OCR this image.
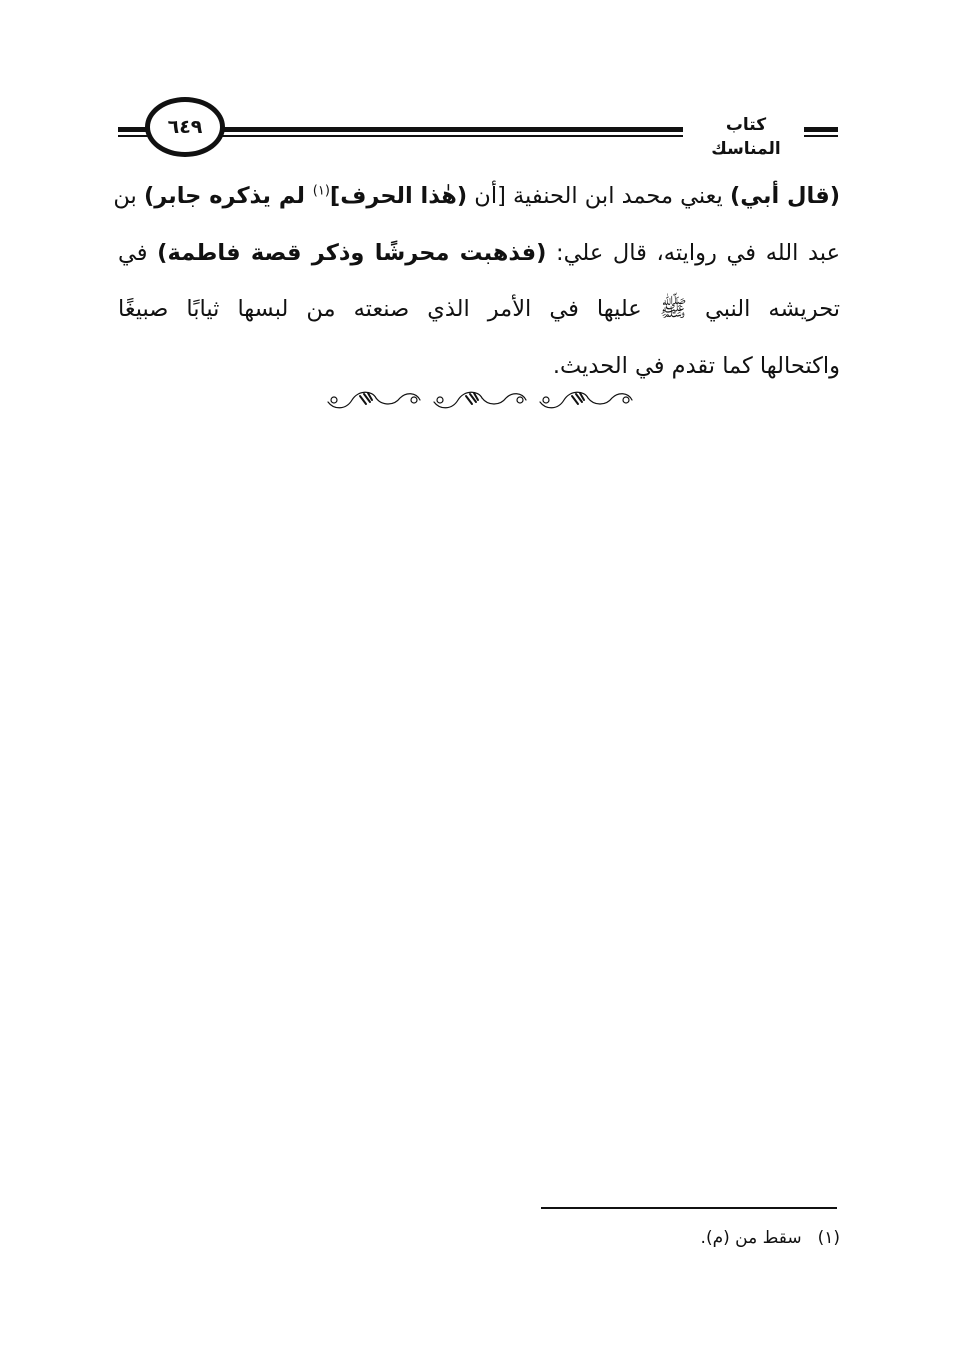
كتاب المناسك
٦٤٩
(قال أبي) يعني محمد ابن الحنفية [أن (هٰذا الحرف]$^{(١)}$ لم يذكره جابر) بن
عبد الله في روايته، قال علي: (فذهبت محرشًا وذكر قصة فاطمة) في
تحريشه النبي ﷺ عليها في الأمر الذي صنعته من لبسها ثيابًا صبيغًا
واكتحالها كما تقدم في الحديث.
(١)سقط من (م).
